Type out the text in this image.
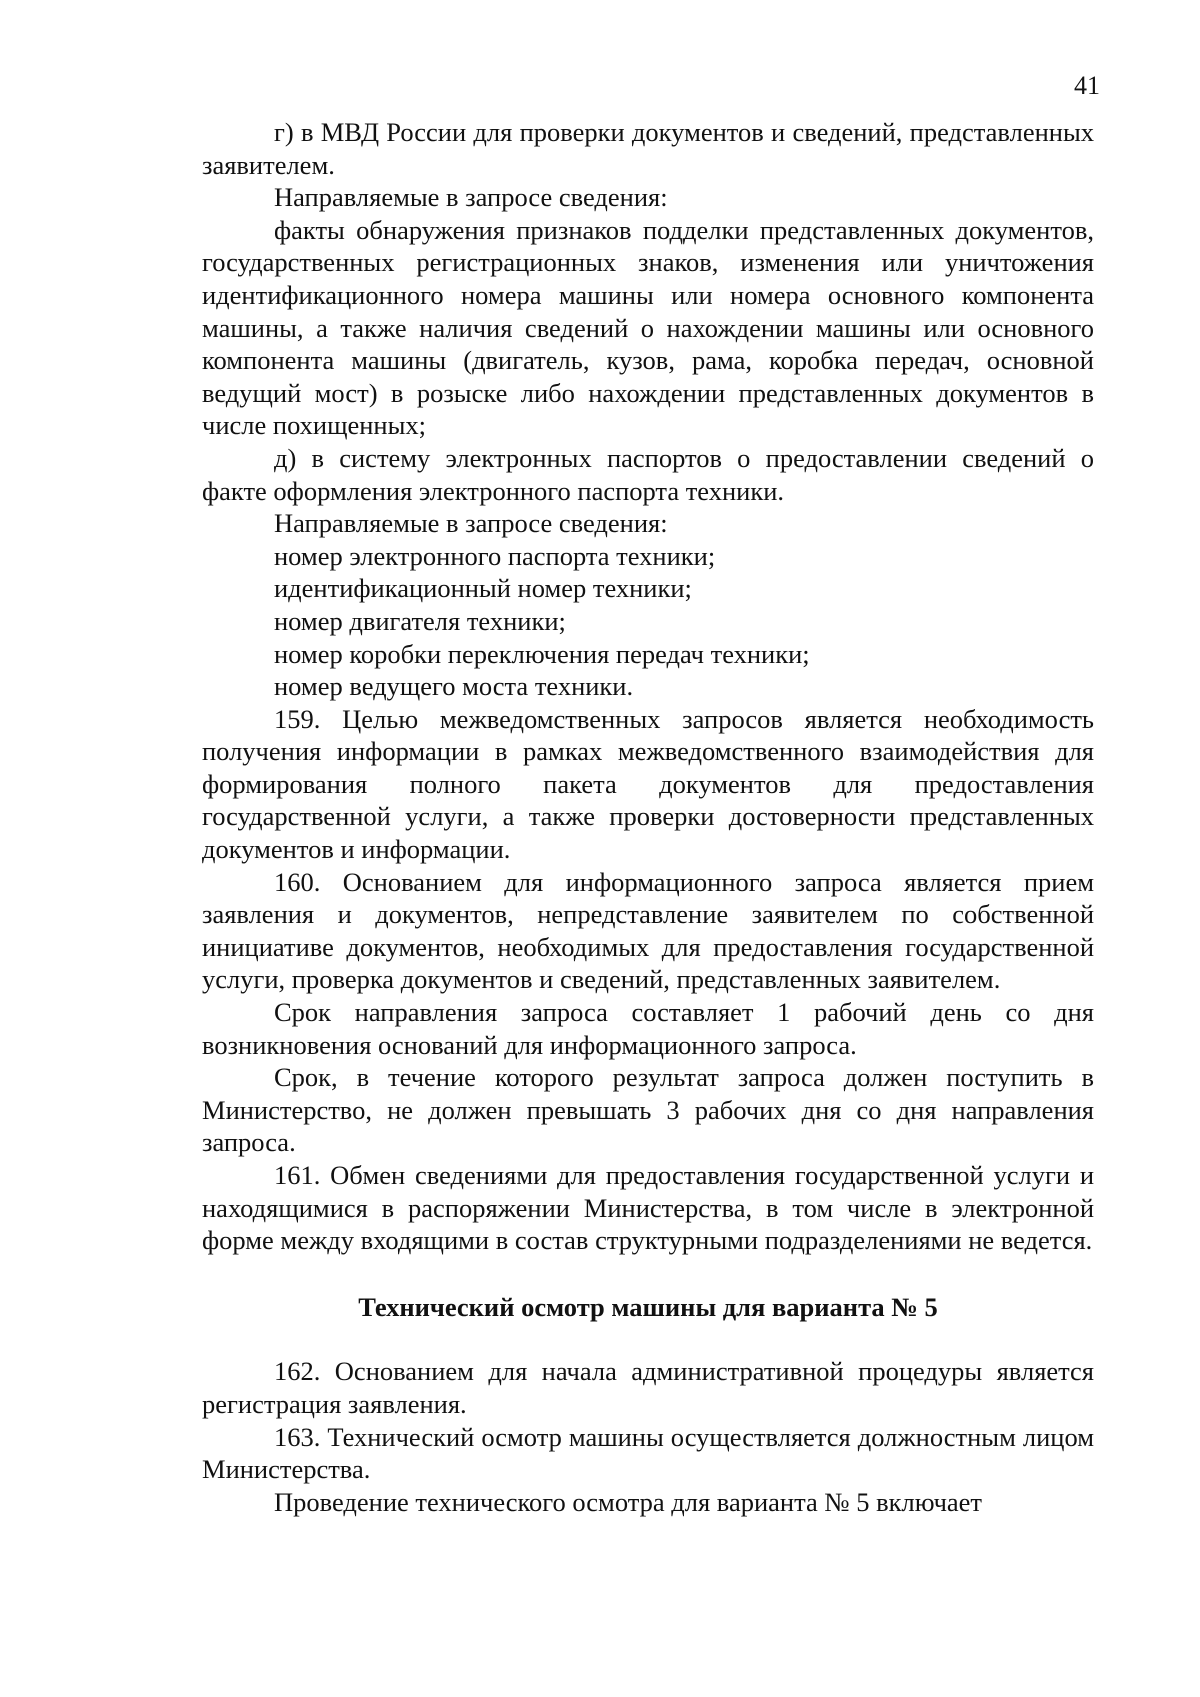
41

г) в МВД России для проверки документов и сведений, представленных заявителем.

Направляемые в запросе сведения:

факты обнаружения признаков подделки представленных документов, государственных регистрационных знаков, изменения или уничтожения идентификационного номера машины или номера основного компонента машины, а также наличия сведений о нахождении машины или основного компонента машины (двигатель, кузов, рама, коробка передач, основной ведущий мост) в розыске либо нахождении представленных документов в числе похищенных;

д) в систему электронных паспортов о предоставлении сведений о факте оформления электронного паспорта техники.

Направляемые в запросе сведения:

номер электронного паспорта техники;

идентификационный номер техники;

номер двигателя техники;

номер коробки переключения передач техники;

номер ведущего моста техники.

159. Целью межведомственных запросов является необходимость получения информации в рамках межведомственного взаимодействия для формирования полного пакета документов для предоставления государственной услуги, а также проверки достоверности представленных документов и информации.

160. Основанием для информационного запроса является прием заявления и документов, непредставление заявителем по собственной инициативе документов, необходимых для предоставления государственной услуги, проверка документов и сведений, представленных заявителем.

Срок направления запроса составляет 1 рабочий день со дня возникновения оснований для информационного запроса.

Срок, в течение которого результат запроса должен поступить в Министерство, не должен превышать 3 рабочих дня со дня направления запроса.

161. Обмен сведениями для предоставления государственной услуги и находящимися в распоряжении Министерства, в том числе в электронной форме между входящими в состав структурными подразделениями не ведется.

Технический осмотр машины для варианта № 5

162. Основанием для начала административной процедуры является регистрация заявления.

163. Технический осмотр машины осуществляется должностным лицом Министерства.

Проведение технического осмотра для варианта № 5 включает
